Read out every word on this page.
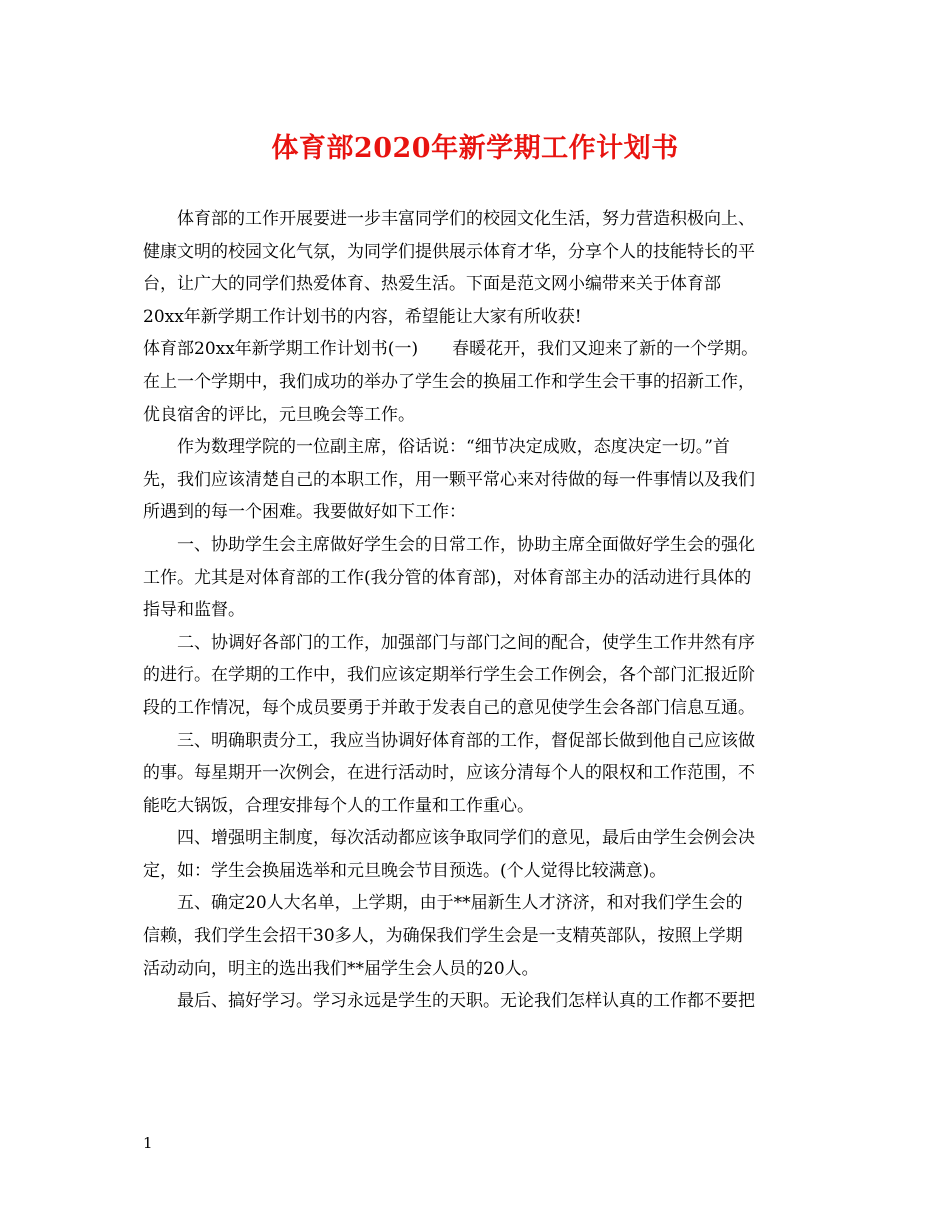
体育部2020年新学期工作计划书
体育部的工作开展要进一步丰富同学们的校园文化生活，努力营造积极向上、
健康文明的校园文化气氛，为同学们提供展示体育才华，分享个人的技能特长的平
台，让广大的同学们热爱体育、热爱生活。下面是范文网小编带来关于体育部
20xx年新学期工作计划书的内容，希望能让大家有所收获!
体育部20xx年新学期工作计划书(一)　　春暖花开，我们又迎来了新的一个学期。
在上一个学期中，我们成功的举办了学生会的换届工作和学生会干事的招新工作，
优良宿舍的评比，元旦晚会等工作。
作为数理学院的一位副主席，俗话说：“细节决定成败，态度决定一切。”首
先，我们应该清楚自己的本职工作，用一颗平常心来对待做的每一件事情以及我们
所遇到的每一个困难。我要做好如下工作：
一、协助学生会主席做好学生会的日常工作，协助主席全面做好学生会的强化
工作。尤其是对体育部的工作(我分管的体育部)，对体育部主办的活动进行具体的
指导和监督。
二、协调好各部门的工作，加强部门与部门之间的配合，使学生工作井然有序
的进行。在学期的工作中，我们应该定期举行学生会工作例会，各个部门汇报近阶
段的工作情况，每个成员要勇于并敢于发表自己的意见使学生会各部门信息互通。
三、明确职责分工，我应当协调好体育部的工作，督促部长做到他自己应该做
的事。每星期开一次例会，在进行活动时，应该分清每个人的限权和工作范围，不
能吃大锅饭，合理安排每个人的工作量和工作重心。
四、增强明主制度，每次活动都应该争取同学们的意见，最后由学生会例会决
定，如：学生会换届选举和元旦晚会节目预选。(个人觉得比较满意)。
五、确定20人大名单，上学期，由于**届新生人才济济，和对我们学生会的
信赖，我们学生会招干30多人，为确保我们学生会是一支精英部队，按照上学期
活动动向，明主的选出我们**届学生会人员的20人。
最后、搞好学习。学习永远是学生的天职。无论我们怎样认真的工作都不要把
1
